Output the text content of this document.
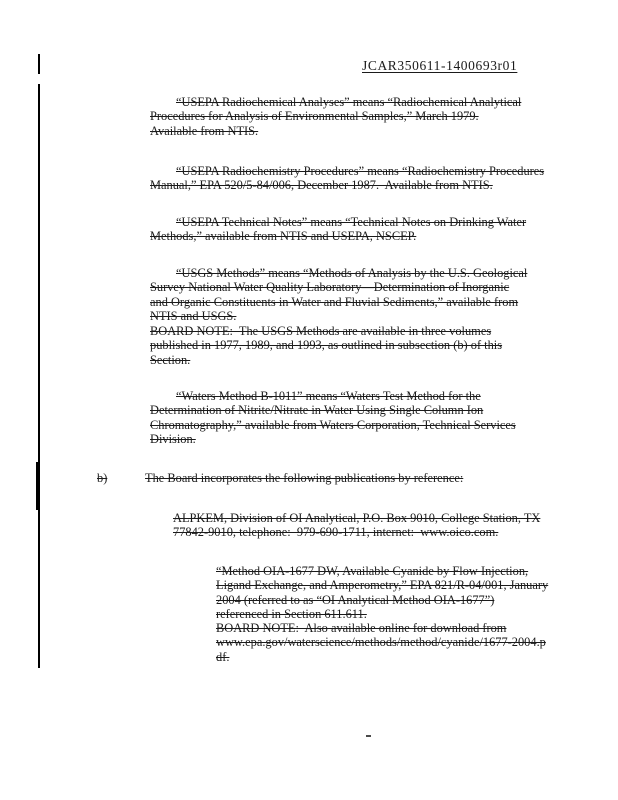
JCAR350611-1400693r01
“USEPA Radiochemical Analyses” means “Radiochemical Analytical
Procedures for Analysis of Environmental Samples,” March 1979.
Available from NTIS.
“USEPA Radiochemistry Procedures” means “Radiochemistry Procedures
Manual,” EPA 520/5-84/006, December 1987.  Available from NTIS.
“USEPA Technical Notes” means “Technical Notes on Drinking Water
Methods,” available from NTIS and USEPA, NSCEP.
“USGS Methods” means “Methods of Analysis by the U.S. Geological
Survey National Water Quality Laboratory—Determination of Inorganic
and Organic Constituents in Water and Fluvial Sediments,” available from
NTIS and USGS.
BOARD NOTE:  The USGS Methods are available in three volumes
published in 1977, 1989, and 1993, as outlined in subsection (b) of this
Section.
“Waters Method B-1011” means “Waters Test Method for the
Determination of Nitrite/Nitrate in Water Using Single Column Ion
Chromatography,” available from Waters Corporation, Technical Services
Division.
b)	The Board incorporates the following publications by reference:
ALPKEM, Division of OI Analytical, P.O. Box 9010, College Station, TX
77842-9010, telephone:  979-690-1711, internet:  www.oico.com.
“Method OIA-1677 DW, Available Cyanide by Flow Injection,
Ligand Exchange, and Amperometry,” EPA 821/R-04/001, January
2004 (referred to as “OI Analytical Method OIA-1677”)
referenced in Section 611.611.
BOARD NOTE:  Also available online for download from
www.epa.gov/waterscience/methods/method/cyanide/1677-2004.p
df.
